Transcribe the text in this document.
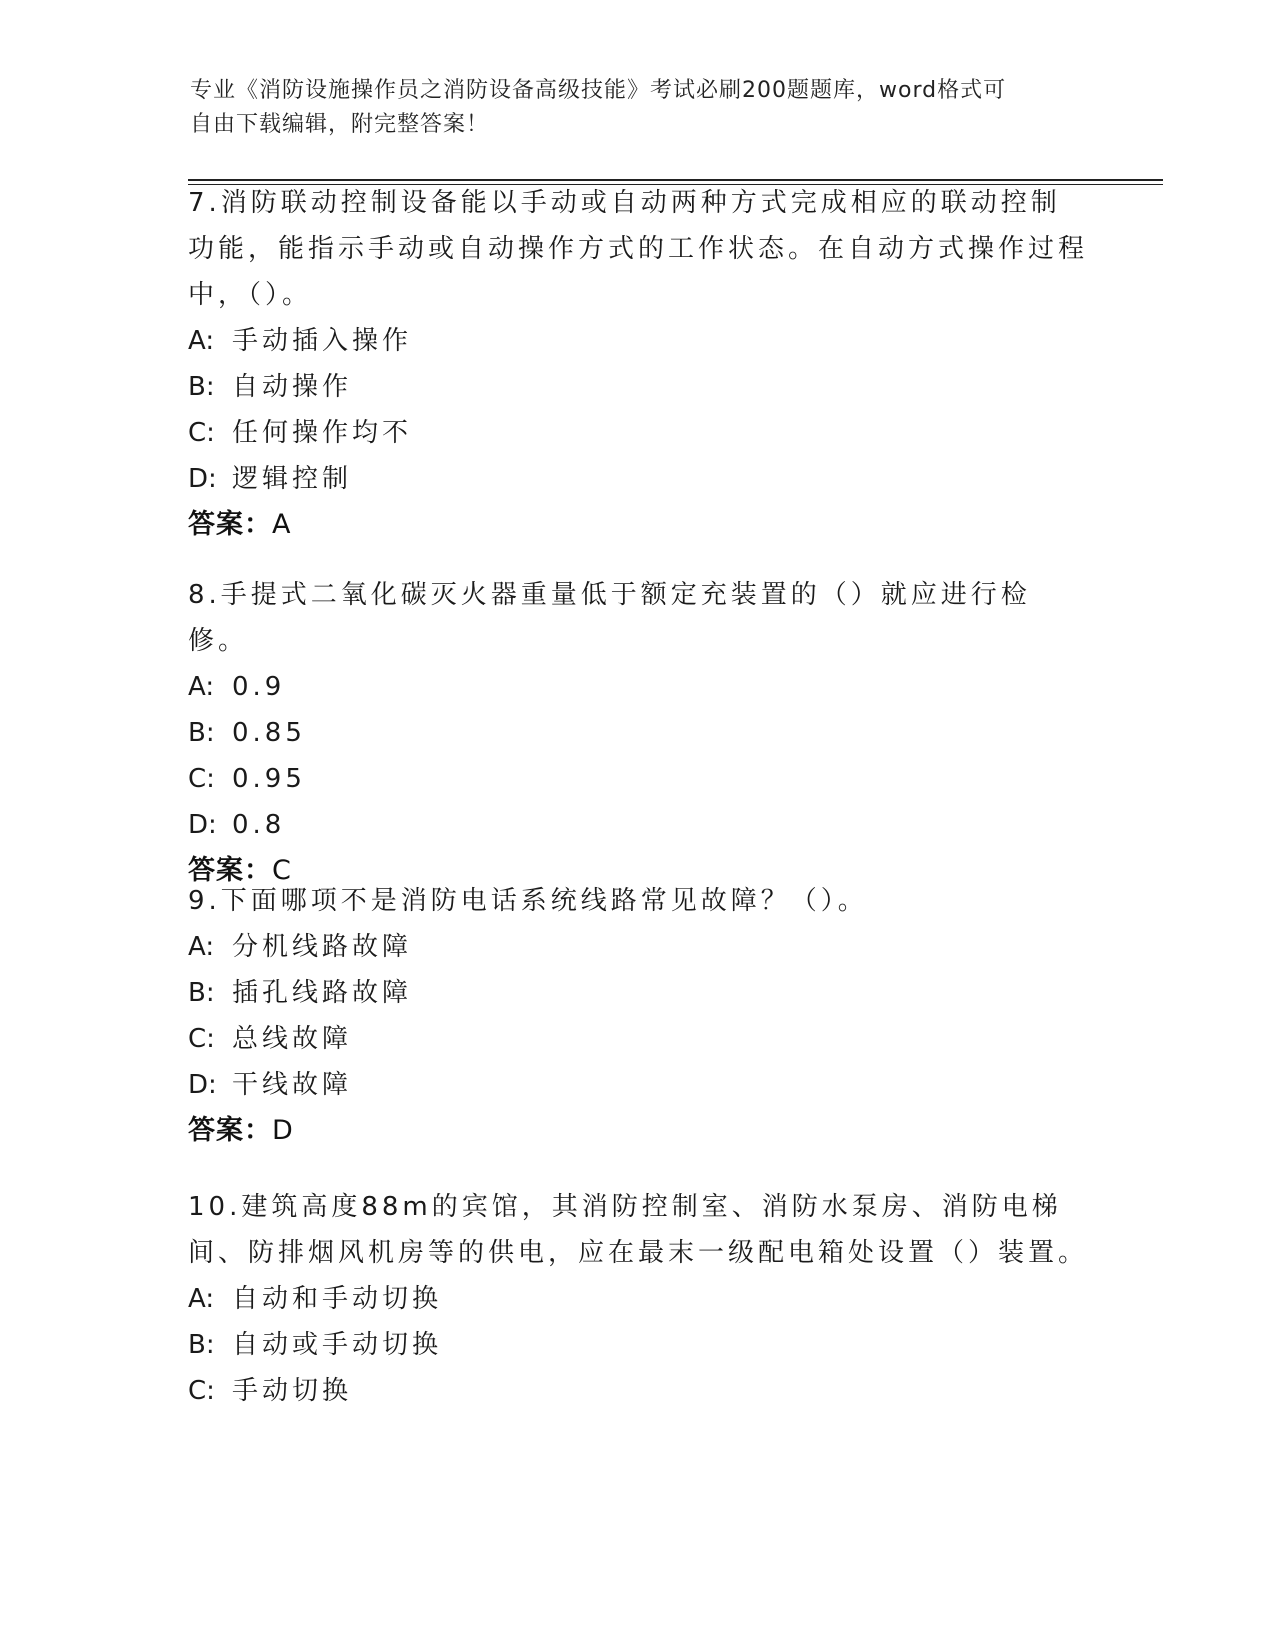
专业《消防设施操作员之消防设备高级技能》考试必刷200题题库，word格式可
自由下载编辑，附完整答案！

7.消防联动控制设备能以手动或自动两种方式完成相应的联动控制功能，能指示手动或自动操作方式的工作状态。在自动方式操作过程中，（）。

A: 手动插入操作

B: 自动操作

C: 任何操作均不

D: 逻辑控制

答案：A

8.手提式二氧化碳灭火器重量低于额定充装置的（）就应进行检修。

A: 0.9

B: 0.85

C: 0.95

D: 0.8

答案：C

9.下面哪项不是消防电话系统线路常见故障？（）。

A: 分机线路故障

B: 插孔线路故障

C: 总线故障

D: 干线故障

答案：D

10.建筑高度88m的宾馆，其消防控制室、消防水泵房、消防电梯间、防排烟风机房等的供电，应在最末一级配电箱处设置（）装置。

A: 自动和手动切换

B: 自动或手动切换

C: 手动切换
